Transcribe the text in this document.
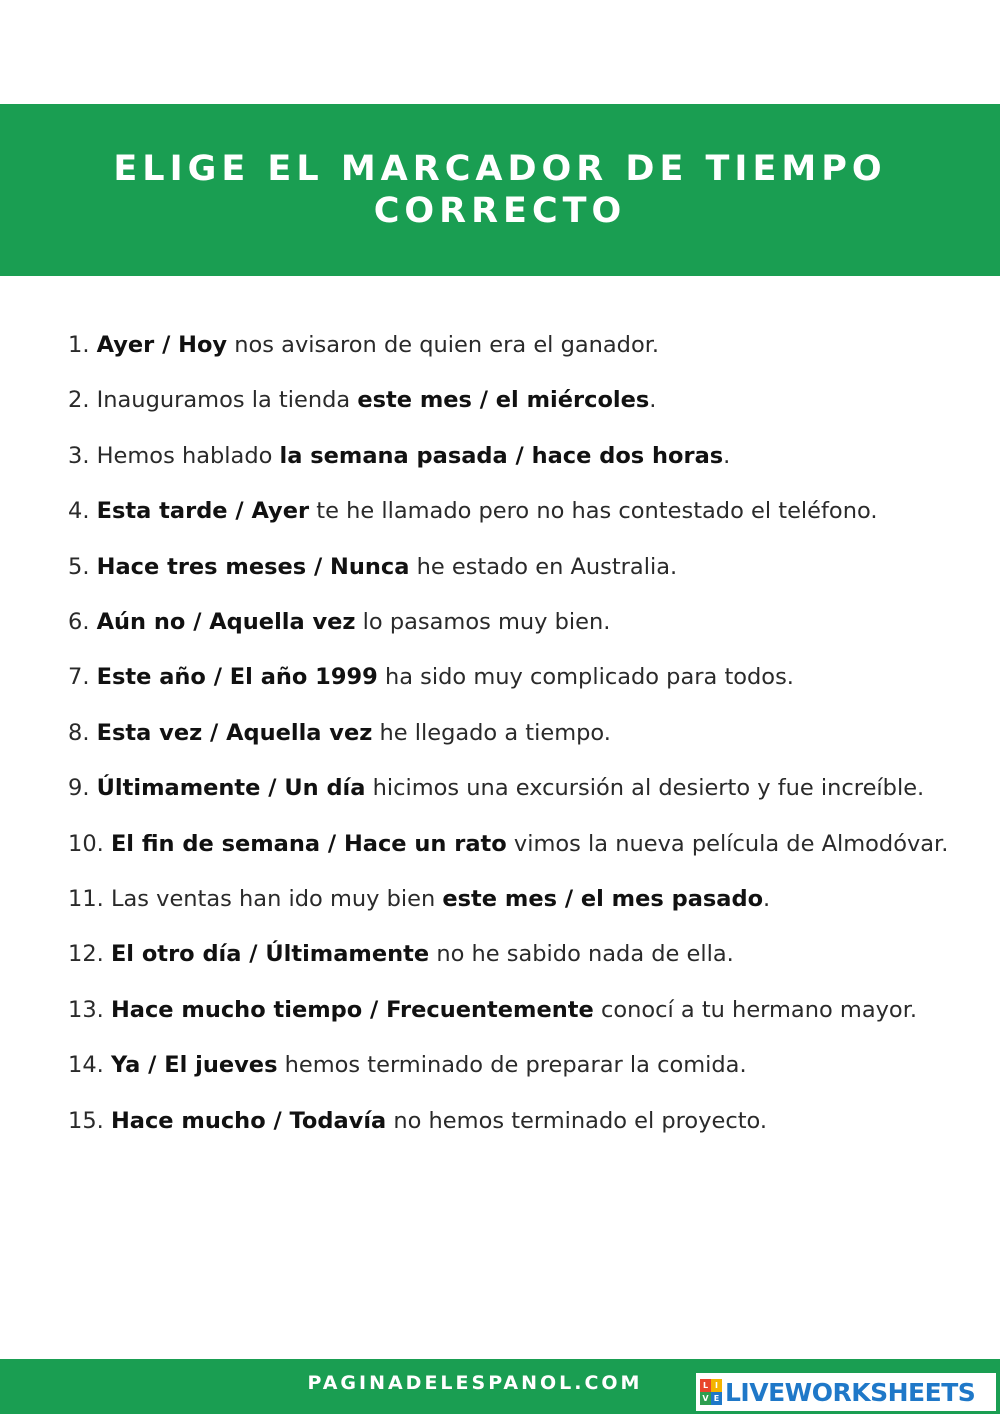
ELIGE EL MARCADOR DE TIEMPO
CORRECTO
1. Ayer / Hoy nos avisaron de quien era el ganador.
2. Inauguramos la tienda este mes / el miércoles.
3. Hemos hablado la semana pasada / hace dos horas.
4. Esta tarde / Ayer te he llamado pero no has contestado el teléfono.
5. Hace tres meses / Nunca he estado en Australia.
6. Aún no / Aquella vez lo pasamos muy bien.
7. Este año / El año 1999 ha sido muy complicado para todos.
8. Esta vez / Aquella vez he llegado a tiempo.
9. Últimamente / Un día hicimos una excursión al desierto y fue increíble.
10. El fin de semana / Hace un rato vimos la nueva película de Almodóvar.
11. Las ventas han ido muy bien este mes / el mes pasado.
12. El otro día / Últimamente no he sabido nada de ella.
13. Hace mucho tiempo / Frecuentemente conocí a tu hermano mayor.
14. Ya / El jueves hemos terminado de preparar la comida.
15. Hace mucho / Todavía no hemos terminado el proyecto.
PAGINADELESPANOL.COM	L I
V E LIVEWORKSHEETS
